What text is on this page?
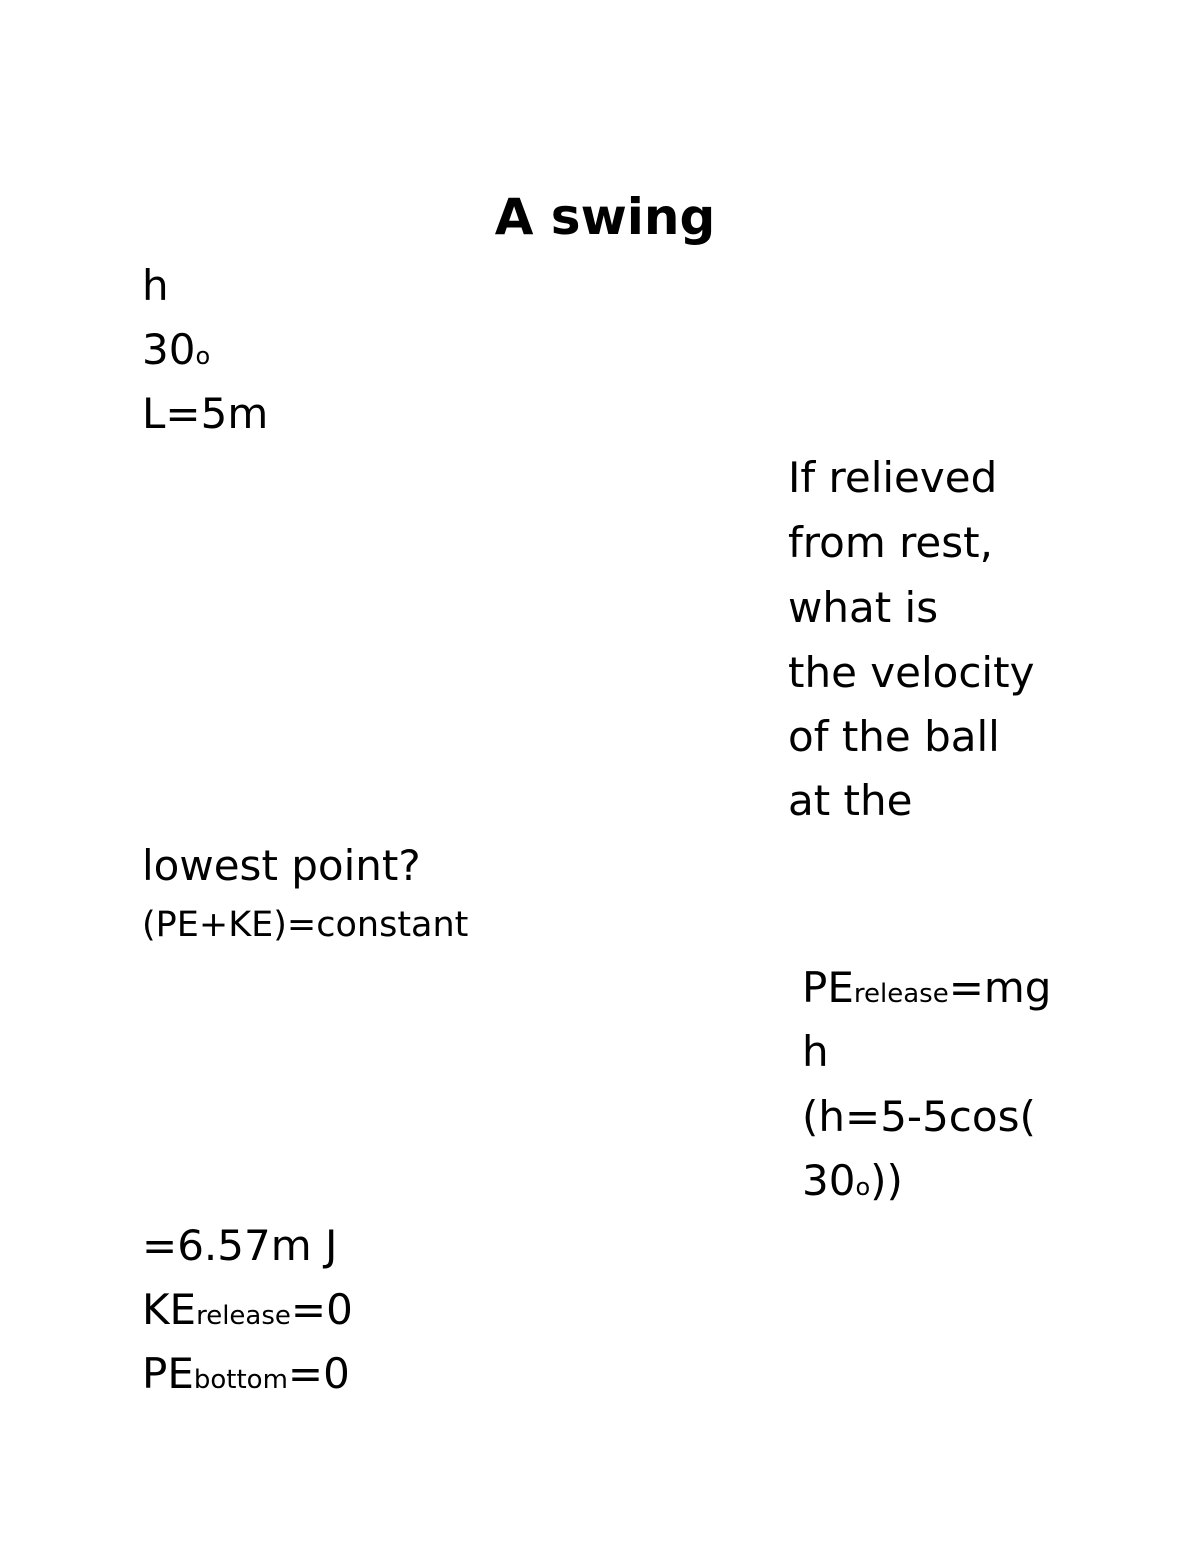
A swing
h
30o
L=5m
If relieved
from rest,
what is
the velocity
of the ball
at the
lowest point?
(PE+KE)=constant
PErelease=mg
h
(h=5-5cos(
30o))
=6.57m J
KErelease=0
PEbottom=0
